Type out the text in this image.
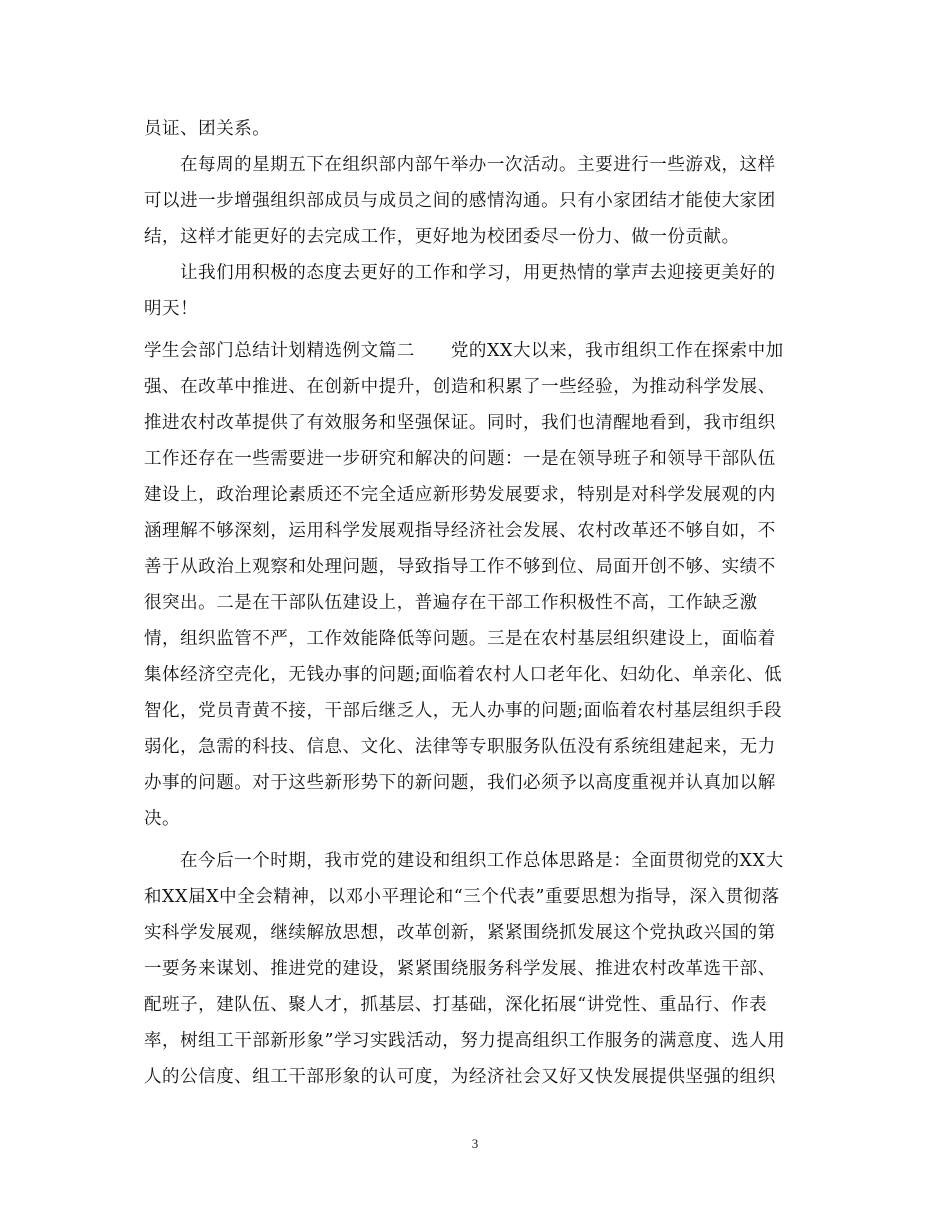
员证、团关系。
在每周的星期五下在组织部内部午举办一次活动。主要进行一些游戏，这样
可以进一步增强组织部成员与成员之间的感情沟通。只有小家团结才能使大家团
结，这样才能更好的去完成工作，更好地为校团委尽一份力、做一份贡献。
让我们用积极的态度去更好的工作和学习，用更热情的掌声去迎接更美好的
明天！
学生会部门总结计划精选例文篇二　　党的XX大以来，我市组织工作在探索中加
强、在改革中推进、在创新中提升，创造和积累了一些经验，为推动科学发展、
推进农村改革提供了有效服务和坚强保证。同时，我们也清醒地看到，我市组织
工作还存在一些需要进一步研究和解决的问题：一是在领导班子和领导干部队伍
建设上，政治理论素质还不完全适应新形势发展要求，特别是对科学发展观的内
涵理解不够深刻，运用科学发展观指导经济社会发展、农村改革还不够自如，不
善于从政治上观察和处理问题，导致指导工作不够到位、局面开创不够、实绩不
很突出。二是在干部队伍建设上，普遍存在干部工作积极性不高，工作缺乏激
情，组织监管不严，工作效能降低等问题。三是在农村基层组织建设上，面临着
集体经济空壳化，无钱办事的问题;面临着农村人口老年化、妇幼化、单亲化、低
智化，党员青黄不接，干部后继乏人，无人办事的问题;面临着农村基层组织手段
弱化，急需的科技、信息、文化、法律等专职服务队伍没有系统组建起来，无力
办事的问题。对于这些新形势下的新问题，我们必须予以高度重视并认真加以解
决。
在今后一个时期，我市党的建设和组织工作总体思路是：全面贯彻党的XX大
和XX届X中全会精神，以邓小平理论和“三个代表”重要思想为指导，深入贯彻落
实科学发展观，继续解放思想，改革创新，紧紧围绕抓发展这个党执政兴国的第
一要务来谋划、推进党的建设，紧紧围绕服务科学发展、推进农村改革选干部、
配班子，建队伍、聚人才，抓基层、打基础，深化拓展“讲党性、重品行、作表
率，树组工干部新形象”学习实践活动，努力提高组织工作服务的满意度、选人用
人的公信度、组工干部形象的认可度，为经济社会又好又快发展提供坚强的组织
3
